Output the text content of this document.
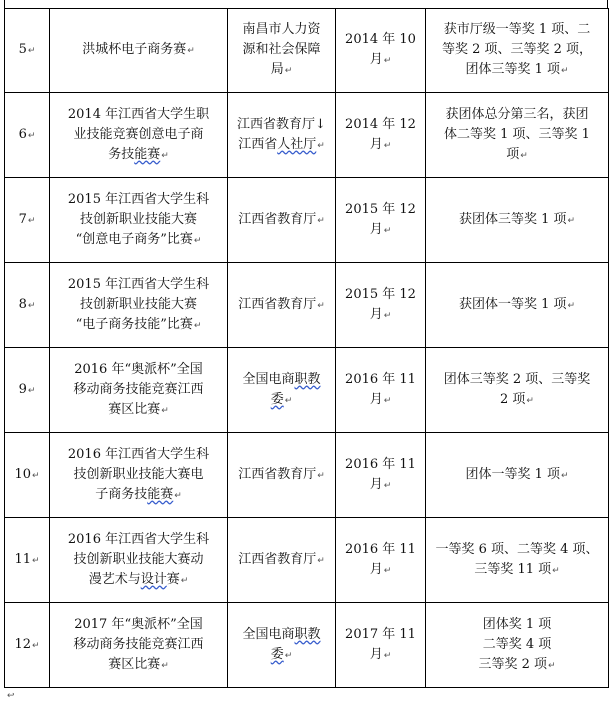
5↵	洪城杯电子商务赛↵	南昌市人力资
源和社会保障
局↵	2014 年 10
月↵	获市厅级一等奖 1 项、二
等奖 2 项、三等奖 2 项，
团体三等奖 1 项↵
6↵	2014 年江西省大学生职
业技能竞赛创意电子商
务技能赛↵	江西省教育厅↓
江西省人社厅↵	2014 年 12
月↵	获团体总分第三名，获团
体二等奖 1 项、三等奖 1
项↵
7↵	2015 年江西省大学生科
技创新职业技能大赛
“创意电子商务”比赛↵	江西省教育厅↵	2015 年 12
月↵	获团体三等奖 1 项↵
8↵	2015 年江西省大学生科
技创新职业技能大赛
“电子商务技能”比赛↵	江西省教育厅↵	2015 年 12
月↵	获团体一等奖 1 项↵
9↵	2016 年“奥派杯”全国
移动商务技能竞赛江西
赛区比赛↵	全国电商职教
委↵	2016 年 11
月↵	团体三等奖 2 项、三等奖
2 项↵
10↵	2016 年江西省大学生科
技创新职业技能大赛电
子商务技能赛↵	江西省教育厅↵	2016 年 11
月↵	团体一等奖 1 项↵
11↵	2016 年江西省大学生科
技创新职业技能大赛动
漫艺术与设计赛↵	江西省教育厅↵	2016 年 11
月↵	一等奖 6 项、二等奖 4 项、
三等奖 11 项↵
12↵	2017 年“奥派杯”全国
移动商务技能竞赛江西
赛区比赛↵	全国电商职教
委↵	2017 年 11
月↵	团体奖 1 项
二等奖 4 项
三等奖 2 项↵
↩
